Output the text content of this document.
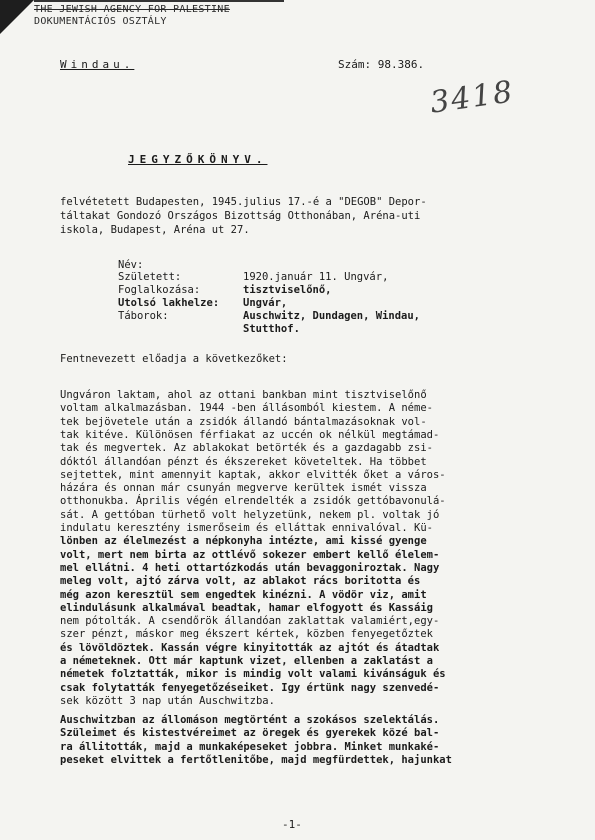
THE JEWISH AGENCY FOR PALESTINE
DOKUMENTÁCIÓS OSZTÁLY
Windau.	Szám: 98.386.
3418
JEGYZŐKÖNYV.
felvétetett Budapesten, 1945.julius 17.-é a "DEGOB" Depor-
táltakat Gondozó Országos Bizottság Otthonában, Aréna-uti
iskola, Budapest, Aréna ut 27.
Név:
Született:	1920.január 11. Ungvár,
Foglalkozása:	tisztviselőnő,
Utolsó lakhelze: Ungvár,
Táborok:	Auschwitz, Dundagen, Windau,
Stutthof.
Fentnevezett előadja a következőket:
Ungváron laktam, ahol az ottani bankban mint tisztviselőnő
voltam alkalmazásban. 1944 -ben állásomból kiestem. A néme-
tek bejövetele után a zsidók állandó bántalmazásoknak vol-
tak kitéve. Különösen férfiakat az uccén ok nélkül megtámad-
tak és megvertek. Az ablakokat betörték és a gazdagabb zsi-
dóktól állandóan pénzt és ékszereket követeltek. Ha többet
sejtettek, mint amennyit kaptak, akkor elvitték őket a város-
házára és onnan már csunyán megverve kerültek ismét vissza
otthonukba. Április végén elrendelték a zsidók gettóbavonulá-
sát. A gettóban türhető volt helyzetünk, nekem pl. voltak jó
indulatu keresztény ismerőseim és elláttak ennivalóval. Kü-
lönben az élelmezést a népkonyha intézte, ami kissé gyenge
volt, mert nem birta az ottlévő sokezer embert kellő élelem-
mel ellátni. 4 heti ottartózkodás után bevaggoniroztak. Nagy
meleg volt, ajtó zárva volt, az ablakot rács boritotta és
még azon keresztül sem engedtek kinézni. A vödör viz, amit
elindulásunk alkalmával beadtak, hamar elfogyott és Kassáig
nem pótolták. A csendőrök állandóan zaklattak valamiért,egy-
szer pénzt, máskor meg ékszert kértek, közben fenyegetőztek
és lövöldöztek. Kassán végre kinyitották az ajtót és átadtak
a németeknek. Ott már kaptunk vizet, ellenben a zaklatást a
németek folztatták, mikor is mindig volt valami kivánságuk és
csak folytatták fenyegetőzéseiket. Igy értünk nagy szenvedé-
sek között 3 nap után Auschwitzba.
Auschwitzban az állomáson megtörtént a szokásos szelektálás.
Szüleimet és kistestvéreimet az öregek és gyerekek közé bal-
ra állitották, majd a munkaképeseket jobbra. Minket munkaké-
peseket elvittek a fertőtlenitőbe, majd megfürdettek, hajunkat
-1-
